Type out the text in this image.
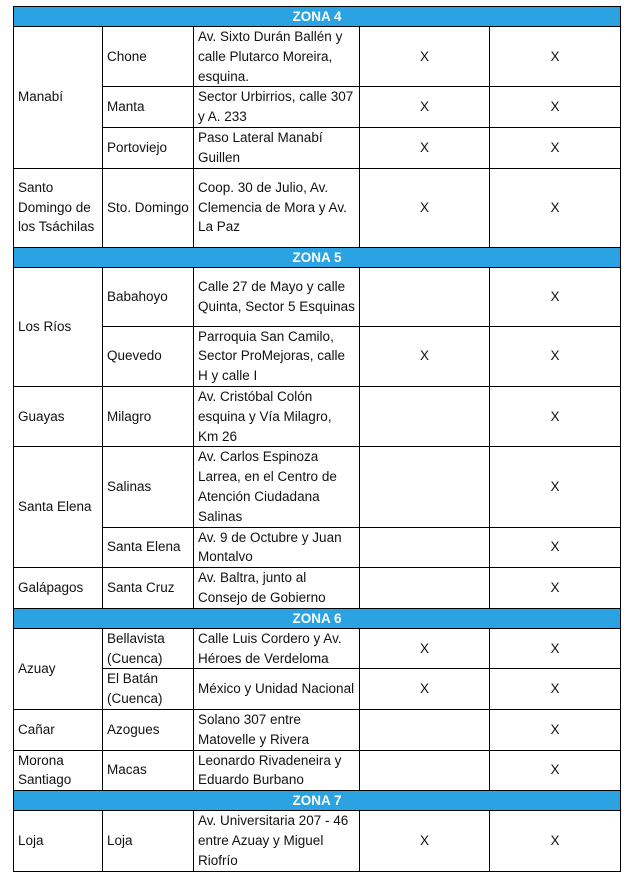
ZONA 4				
Manabí	Chone	Av. Sixto Durán Ballén y calle Plutarco Moreira, esquina.	X	X
	Manta	Sector Urbirrios, calle 307 y A. 233	X	X
	Portoviejo	Paso Lateral Manabí Guillen	X	X
Santo Domingo de los Tsáchilas	Sto. Domingo	Coop. 30 de Julio, Av. Clemencia de Mora y Av. La Paz	X	X
ZONA 5				
Los Ríos	Babahoyo	Calle 27 de Mayo y calle Quinta, Sector 5 Esquinas		X
	Quevedo	Parroquia San Camilo, Sector ProMejoras, calle H y calle I	X	X
Guayas	Milagro	Av. Cristóbal Colón esquina y Vía Milagro, Km 26		X
Santa Elena	Salinas	Av. Carlos Espinoza Larrea, en el Centro de Atención Ciudadana Salinas		X
	Santa Elena	Av. 9 de Octubre y Juan Montalvo		X
Galápagos	Santa Cruz	Av. Baltra, junto al Consejo de Gobierno		X
ZONA 6				
Azuay	Bellavista (Cuenca)	Calle Luis Cordero y Av. Héroes de Verdeloma	X	X
	El Batán (Cuenca)	México y Unidad Nacional	X	X
Cañar	Azogues	Solano 307 entre Matovelle y Rivera		X
Morona Santiago	Macas	Leonardo Rivadeneira y Eduardo Burbano		X
ZONA 7				
Loja	Loja	Av. Universitaria 207 - 46 entre Azuay y Miguel Riofrío	X	X
